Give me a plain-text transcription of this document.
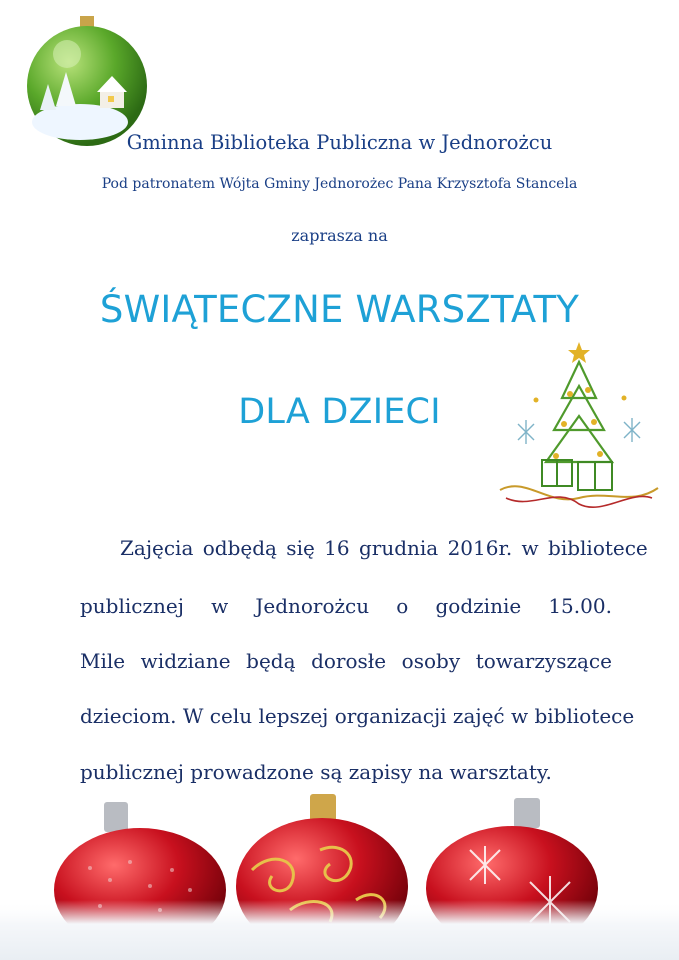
Gminna Biblioteka Publiczna w Jednorożcu
Pod patronatem Wójta Gminy Jednorożec Pana Krzysztofa Stancela
zaprasza na
ŚWIĄTECZNE WARSZTATY
DLA DZIECI
Zajęcia odbędą się 16 grudnia 2016r. w bibliotece
publicznej w Jednorożcu o godzinie 15.00.
Mile widziane będą dorosłe osoby towarzyszące
dzieciom. W celu lepszej organizacji zajęć w bibliotece
publicznej prowadzone są zapisy na warsztaty.
